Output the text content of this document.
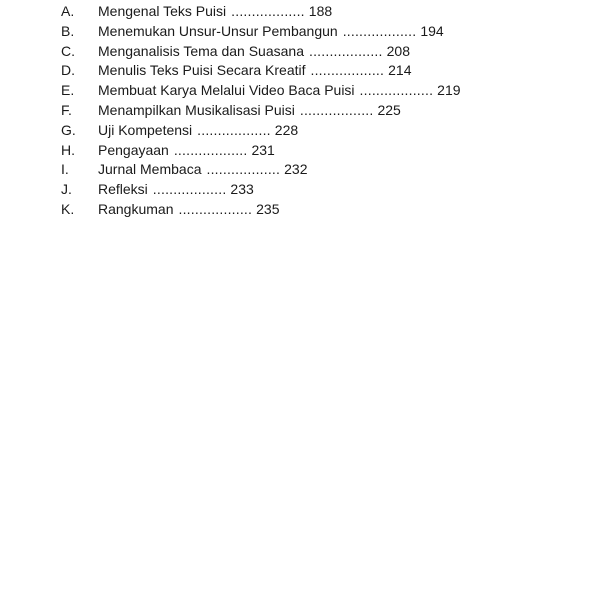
A.	Mengenal Teks Puisi .................. 188
B.	Menemukan Unsur-Unsur Pembangun .................. 194
C.	Menganalisis Tema dan Suasana .................. 208
D.	Menulis Teks Puisi Secara Kreatif .................. 214
E.	Membuat Karya Melalui Video Baca Puisi .................. 219
F.	Menampilkan Musikalisasi Puisi .................. 225
G.	Uji Kompetensi .................. 228
H.	Pengayaan .................. 231
I.	Jurnal Membaca .................. 232
J.	Refleksi .................. 233
K.	Rangkuman .................. 235
